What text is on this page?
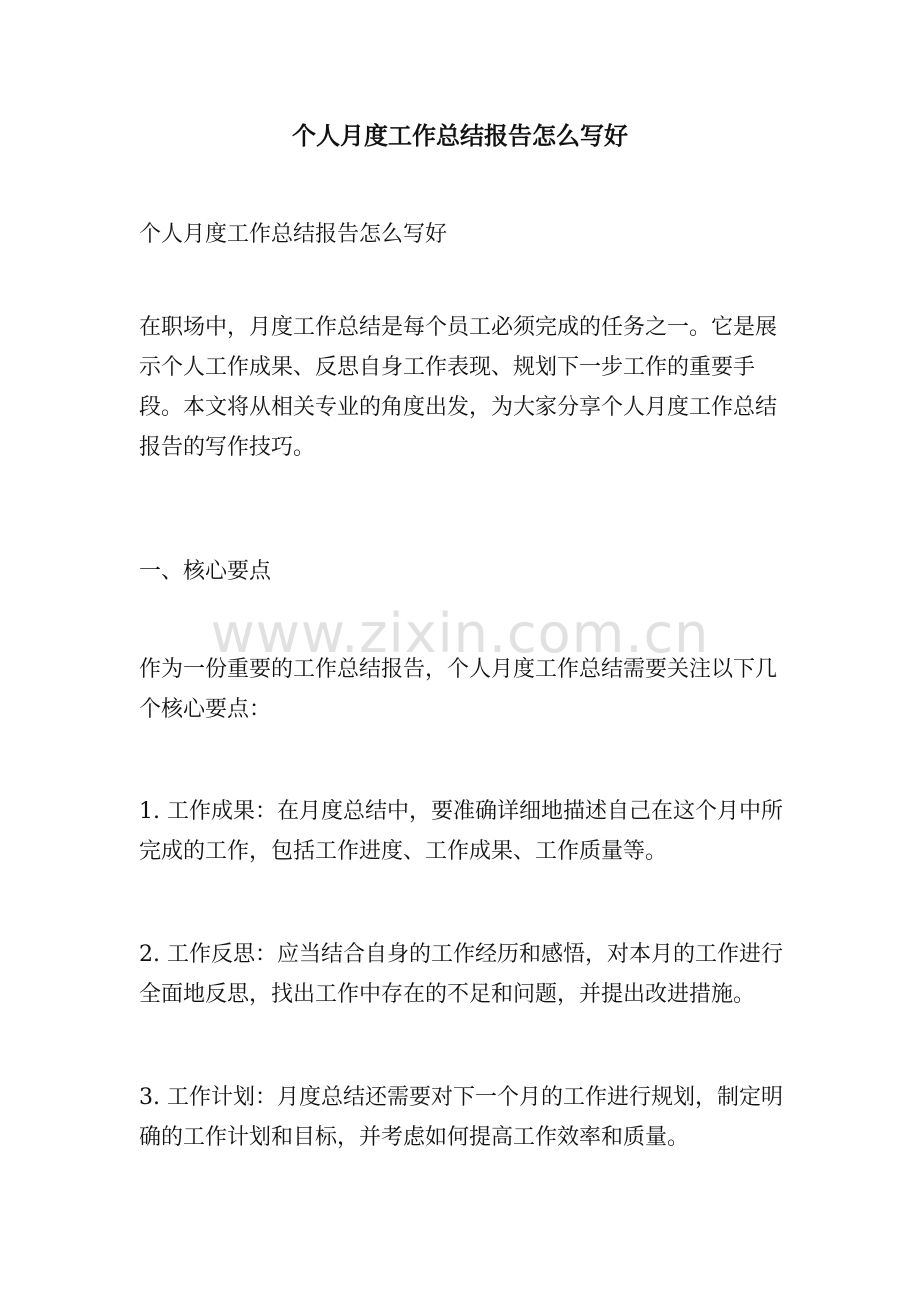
个人月度工作总结报告怎么写好

个人月度工作总结报告怎么写好

在职场中，月度工作总结是每个员工必须完成的任务之一。它是展示个人工作成果、反思自身工作表现、规划下一步工作的重要手段。本文将从相关专业的角度出发，为大家分享个人月度工作总结报告的写作技巧。

一、核心要点

www.zixin.com.cn

作为一份重要的工作总结报告，个人月度工作总结需要关注以下几个核心要点：

1. 工作成果：在月度总结中，要准确详细地描述自己在这个月中所完成的工作，包括工作进度、工作成果、工作质量等。

2. 工作反思：应当结合自身的工作经历和感悟，对本月的工作进行全面地反思，找出工作中存在的不足和问题，并提出改进措施。

3. 工作计划：月度总结还需要对下一个月的工作进行规划，制定明确的工作计划和目标，并考虑如何提高工作效率和质量。
